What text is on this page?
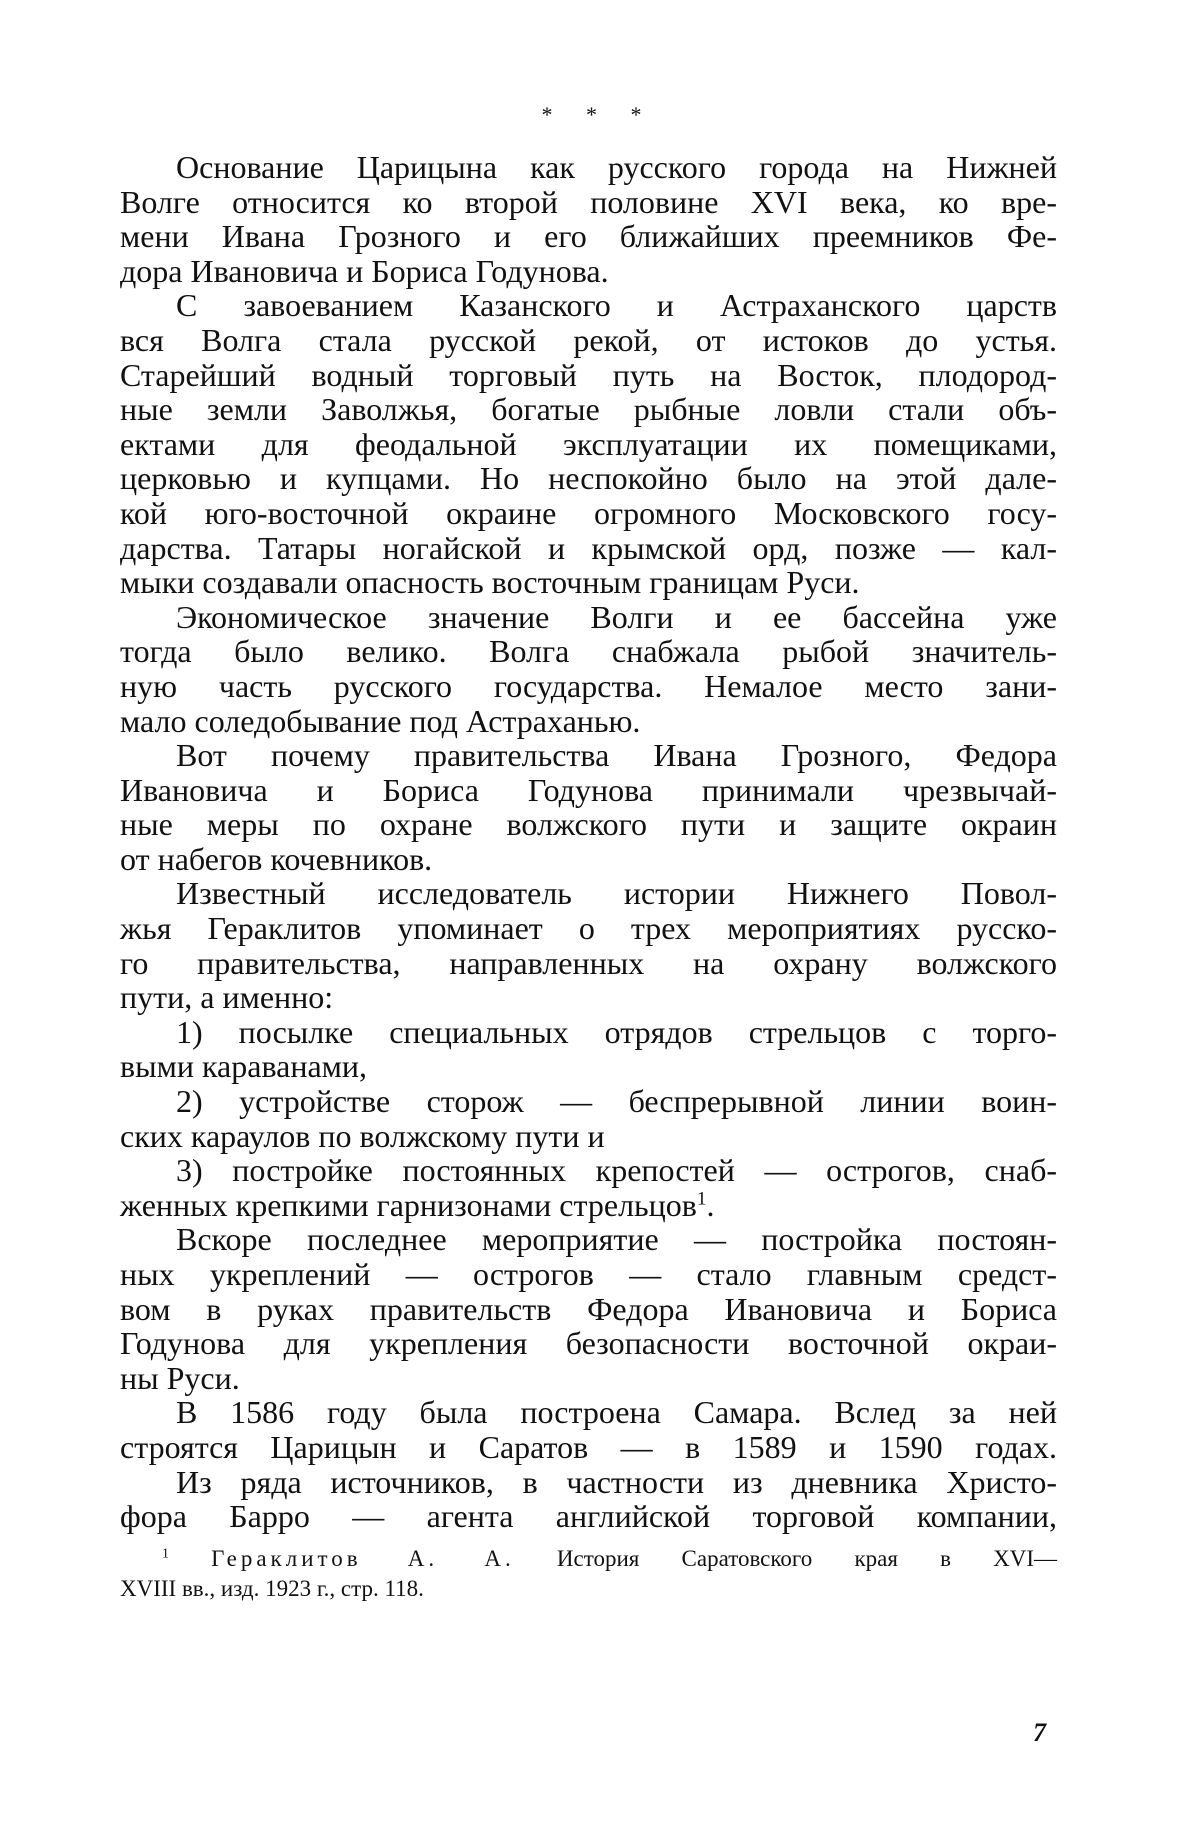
* * *
Основание Царицына как русского города на Нижней
Волге относится ко второй половине XVI века, ко вре-
мени Ивана Грозного и его ближайших преемников Фе-
дора Ивановича и Бориса Годунова.
С завоеванием Казанского и Астраханского царств
вся Волга стала русской рекой, от истоков до устья.
Старейший водный торговый путь на Восток, плодород-
ные земли Заволжья, богатые рыбные ловли стали объ-
ектами для феодальной эксплуатации их помещиками,
церковью и купцами. Но неспокойно было на этой дале-
кой юго-восточной окраине огромного Московского госу-
дарства. Татары ногайской и крымской орд, позже — кал-
мыки создавали опасность восточным границам Руси.
Экономическое значение Волги и ее бассейна уже
тогда было велико. Волга снабжала рыбой значитель-
ную часть русского государства. Немалое место зани-
мало соледобывание под Астраханью.
Вот почему правительства Ивана Грозного, Федора
Ивановича и Бориса Годунова принимали чрезвычай-
ные меры по охране волжского пути и защите окраин
от набегов кочевников.
Известный исследователь истории Нижнего Повол-
жья Гераклитов упоминает о трех мероприятиях русско-
го правительства, направленных на охрану волжского
пути, а именно:
1) посылке специальных отрядов стрельцов с торго-
выми караванами,
2) устройстве сторож — беспрерывной линии воин-
ских караулов по волжскому пути и
3) постройке постоянных крепостей — острогов, снаб-
женных крепкими гарнизонами стрельцов$^1$.
Вскоре последнее мероприятие — постройка постоян-
ных укреплений — острогов — стало главным средст-
вом в руках правительств Федора Ивановича и Бориса
Годунова для укрепления безопасности восточной окраи-
ны Руси.
В 1586 году была построена Самара. Вслед за ней
строятся Царицын и Саратов — в 1589 и 1590 годах.
Из ряда источников, в частности из дневника Христо-
фора Барро — агента английской торговой компании,
$^1$ Гераклитов А. А. История Саратовского края в XVI—
XVIII вв., изд. 1923 г., стр. 118.
7
